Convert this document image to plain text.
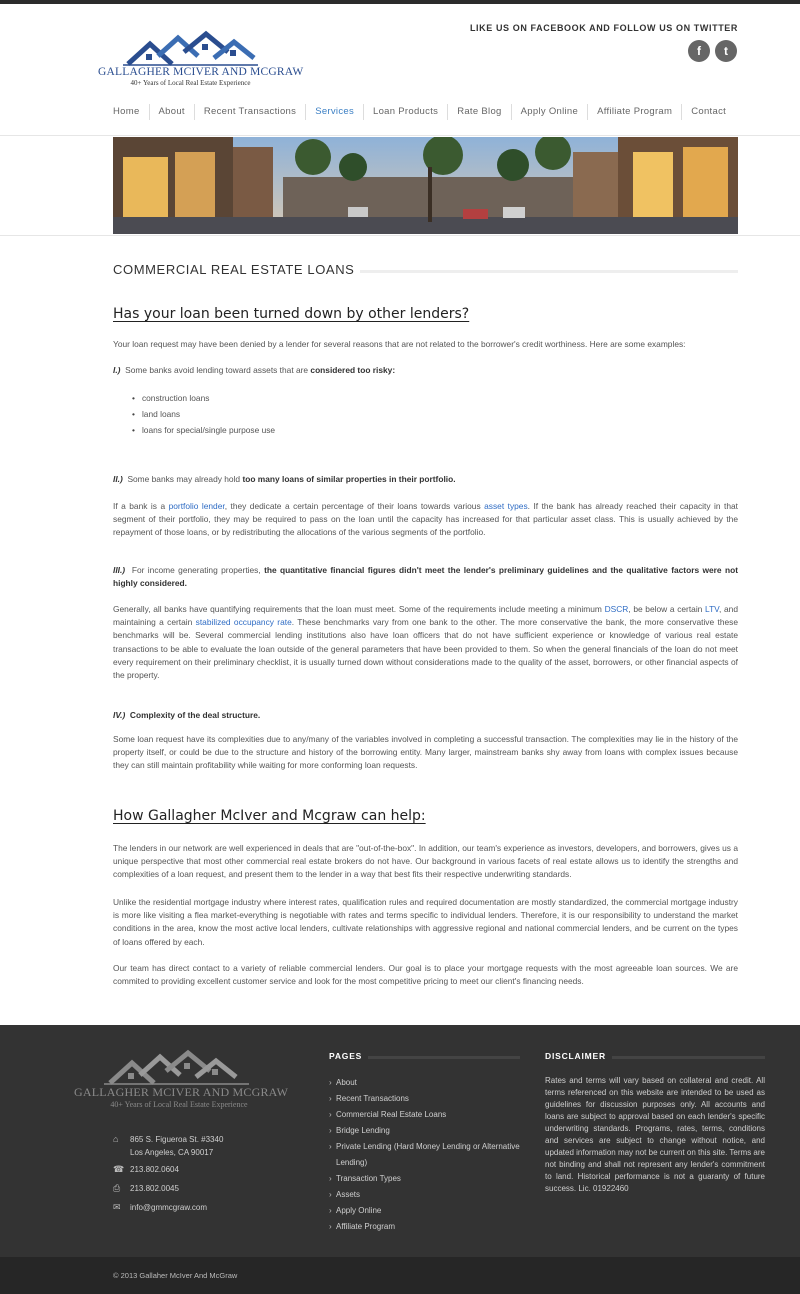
GALLAGHER MCIVER AND MCGRAW
40+ Years of Local Real Estate Experience
LIKE US ON FACEBOOK AND FOLLOW US ON TWITTER
f	t
Home	About	Recent Transactions	Services	Loan Products	Rate Blog	Apply Online	Affiliate Program	Contact
COMMERCIAL REAL ESTATE LOANS
Has your loan been turned down by other lenders?
Your loan request may have been denied by a lender for several reasons that are not related to the borrower's credit worthiness. Here are some examples:
I.) Some banks avoid lending toward assets that are considered too risky:
• construction loans
• land loans
• loans for special/single purpose use
II.) Some banks may already hold too many loans of similar properties in their portfolio.
If a bank is a portfolio lender, they dedicate a certain percentage of their loans towards various asset types. If the bank has already reached their capacity in that segment of their portfolio, they may be required to pass on the loan until the capacity has increased for that particular asset class. This is usually achieved by the repayment of those loans, or by redistributing the allocations of the various segments of the portfolio.
III.) For income generating properties, the quantitative financial figures didn't meet the lender's preliminary guidelines and the qualitative factors were not highly considered.
Generally, all banks have quantifying requirements that the loan must meet. Some of the requirements include meeting a minimum DSCR, be below a certain LTV, and maintaining a certain stabilized occupancy rate. These benchmarks vary from one bank to the other. The more conservative the bank, the more conservative these benchmarks will be. Several commercial lending institutions also have loan officers that do not have sufficient experience or knowledge of various real estate transactions to be able to evaluate the loan outside of the general parameters that have been provided to them. So when the general financials of the loan do not meet every requirement on their preliminary checklist, it is usually turned down without considerations made to the quality of the asset, borrowers, or other financial aspects of the property.
IV.) Complexity of the deal structure.
Some loan request have its complexities due to any/many of the variables involved in completing a successful transaction. The complexities may lie in the history of the property itself, or could be due to the structure and history of the borrowing entity. Many larger, mainstream banks shy away from loans with complex issues because they can still maintain profitability while waiting for more conforming loan requests.
How Gallagher McIver and Mcgraw can help:
The lenders in our network are well experienced in deals that are "out-of-the-box". In addition, our team's experience as investors, developers, and borrowers, gives us a unique perspective that most other commercial real estate brokers do not have. Our background in various facets of real estate allows us to identify the strengths and complexities of a loan request, and present them to the lender in a way that best fits their respective underwriting standards.
Unlike the residential mortgage industry where interest rates, qualification rules and required documentation are mostly standardized, the commercial mortgage industry is more like visiting a flea market-everything is negotiable with rates and terms specific to individual lenders. Therefore, it is our responsibility to understand the market conditions in the area, know the most active local lenders, cultivate relationships with aggressive regional and national commercial lenders, and be current on the types of loans offered by each.
Our team has direct contact to a variety of reliable commercial lenders. Our goal is to place your mortgage requests with the most agreeable loan sources. We are commited to providing excellent customer service and look for the most competitive pricing to meet our client's financing needs.
GALLAGHER MCIVER AND MCGRAW
40+ Years of Local Real Estate Experience
⌂ 865 S. Figueroa St. #3340
Los Angeles, CA 90017
☎ 213.802.0604
⎙ 213.802.0045
✉ info@gmmcgraw.com
PAGES
› About
› Recent Transactions
› Commercial Real Estate Loans
› Bridge Lending
› Private Lending (Hard Money Lending or Alternative Lending)
› Transaction Types
› Assets
› Apply Online
› Affiliate Program
DISCLAIMER
Rates and terms will vary based on collateral and credit. All terms referenced on this website are intended to be used as guidelines for discussion purposes only. All accounts and loans are subject to approval based on each lender's specific underwriting standards. Programs, rates, terms, conditions and services are subject to change without notice, and updated information may not be current on this site. Terms are not binding and shall not represent any lender's commitment to land. Historical performance is not a guaranty of future success. Lic. 01922460
© 2013 Gallaher McIver And McGraw
